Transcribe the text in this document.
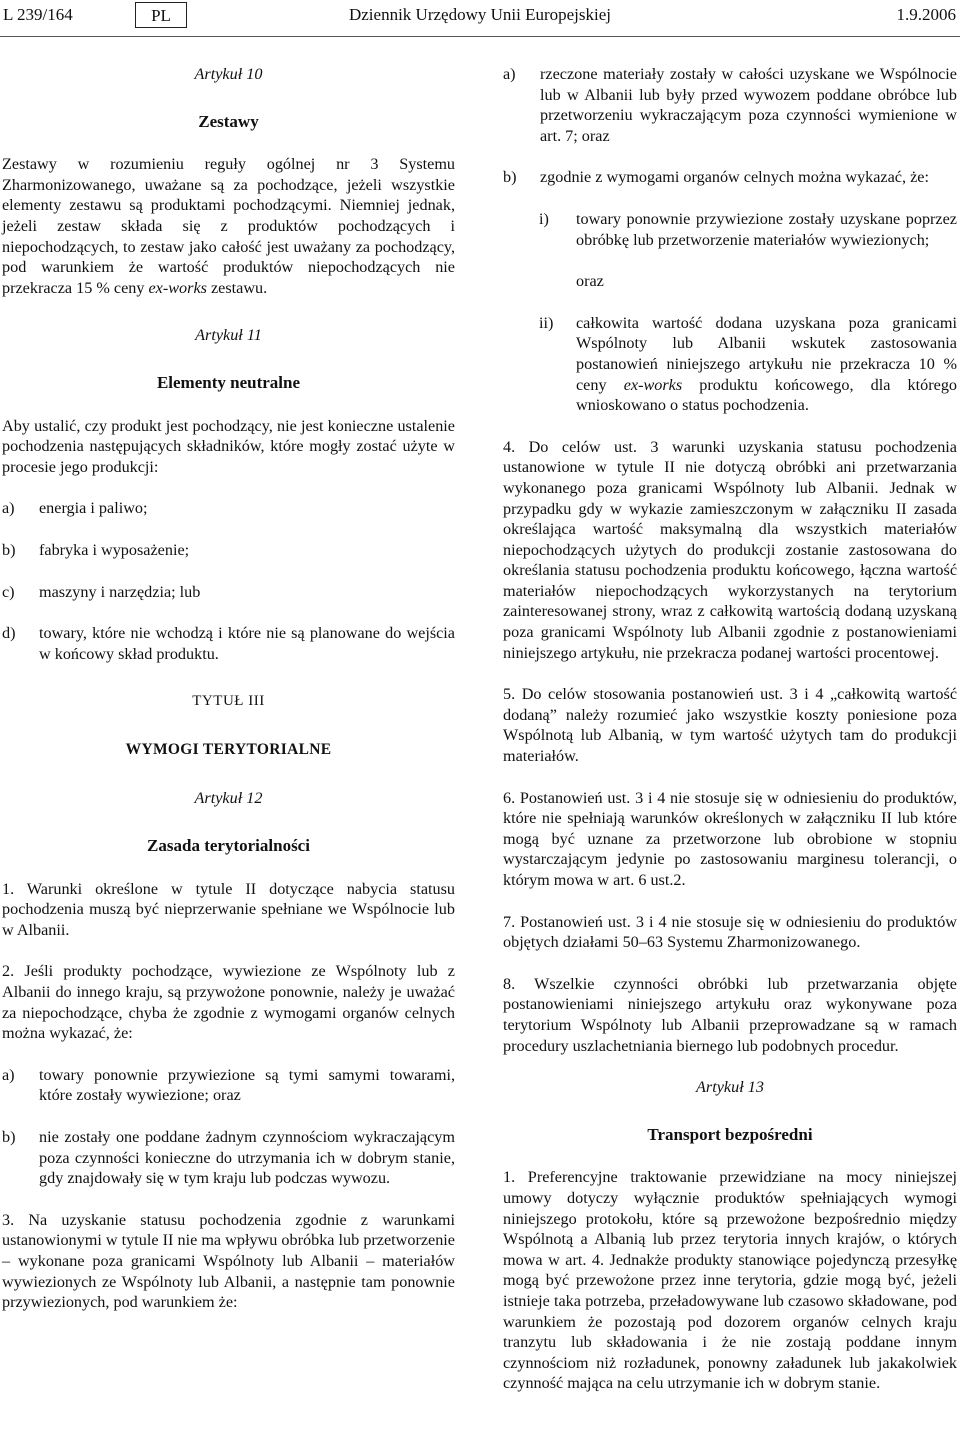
L 239/164	Dziennik Urzędowy Unii Europejskiej
PL	1.9.2006
Artykuł 10
Zestawy
Zestawy w rozumieniu reguły ogólnej nr 3 Systemu Zharmonizowanego, uważane są za pochodzące, jeżeli wszystkie elementy zestawu są produktami pochodzącymi. Niemniej jednak, jeżeli zestaw składa się z produktów pochodzących i niepochodzących, to zestaw jako całość jest uważany za pochodzący, pod warunkiem że wartość produktów niepochodzących nie przekracza 15 % ceny ex-works zestawu.
Artykuł 11
Elementy neutralne
Aby ustalić, czy produkt jest pochodzący, nie jest konieczne ustalenie pochodzenia następujących składników, które mogły zostać użyte w procesie jego produkcji:
a) energia i paliwo;
b) fabryka i wyposażenie;
c) maszyny i narzędzia; lub
d) towary, które nie wchodzą i które nie są planowane do wejścia w końcowy skład produktu.
TYTUŁ III
WYMOGI TERYTORIALNE
Artykuł 12
Zasada terytorialności
1. Warunki określone w tytule II dotyczące nabycia statusu pochodzenia muszą być nieprzerwanie spełniane we Wspólnocie lub w Albanii.
2. Jeśli produkty pochodzące, wywiezione ze Wspólnoty lub z Albanii do innego kraju, są przywożone ponownie, należy je uważać za niepochodzące, chyba że zgodnie z wymogami organów celnych można wykazać, że:
a) towary ponownie przywiezione są tymi samymi towarami, które zostały wywiezione; oraz
b) nie zostały one poddane żadnym czynnościom wykraczającym poza czynności konieczne do utrzymania ich w dobrym stanie, gdy znajdowały się w tym kraju lub podczas wywozu.
3. Na uzyskanie statusu pochodzenia zgodnie z warunkami ustanowionymi w tytule II nie ma wpływu obróbka lub przetworzenie – wykonane poza granicami Wspólnoty lub Albanii – materiałów wywiezionych ze Wspólnoty lub Albanii, a następnie tam ponownie przywiezionych, pod warunkiem że:
a) rzeczone materiały zostały w całości uzyskane we Wspólnocie lub w Albanii lub były przed wywozem poddane obróbce lub przetworzeniu wykraczającym poza czynności wymienione w art. 7; oraz
b) zgodnie z wymogami organów celnych można wykazać, że:
i) towary ponownie przywiezione zostały uzyskane poprzez obróbkę lub przetworzenie materiałów wywiezionych;
oraz
ii) całkowita wartość dodana uzyskana poza granicami Wspólnoty lub Albanii wskutek zastosowania postanowień niniejszego artykułu nie przekracza 10 % ceny ex-works produktu końcowego, dla którego wnioskowano o status pochodzenia.
4. Do celów ust. 3 warunki uzyskania statusu pochodzenia ustanowione w tytule II nie dotyczą obróbki ani przetwarzania wykonanego poza granicami Wspólnoty lub Albanii. Jednak w przypadku gdy w wykazie zamieszczonym w załączniku II zasada określająca wartość maksymalną dla wszystkich materiałów niepochodzących użytych do produkcji zostanie zastosowana do określania statusu pochodzenia produktu końcowego, łączna wartość materiałów niepochodzących wykorzystanych na terytorium zainteresowanej strony, wraz z całkowitą wartością dodaną uzyskaną poza granicami Wspólnoty lub Albanii zgodnie z postanowieniami niniejszego artykułu, nie przekracza podanej wartości procentowej.
5. Do celów stosowania postanowień ust. 3 i 4 „całkowitą wartość dodaną” należy rozumieć jako wszystkie koszty poniesione poza Wspólnotą lub Albanią, w tym wartość użytych tam do produkcji materiałów.
6. Postanowień ust. 3 i 4 nie stosuje się w odniesieniu do produktów, które nie spełniają warunków określonych w załączniku II lub które mogą być uznane za przetworzone lub obrobione w stopniu wystarczającym jedynie po zastosowaniu marginesu tolerancji, o którym mowa w art. 6 ust.2.
7. Postanowień ust. 3 i 4 nie stosuje się w odniesieniu do produktów objętych działami 50–63 Systemu Zharmonizowanego.
8. Wszelkie czynności obróbki lub przetwarzania objęte postanowieniami niniejszego artykułu oraz wykonywane poza terytorium Wspólnoty lub Albanii przeprowadzane są w ramach procedury uszlachetniania biernego lub podobnych procedur.
Artykuł 13
Transport bezpośredni
1. Preferencyjne traktowanie przewidziane na mocy niniejszej umowy dotyczy wyłącznie produktów spełniających wymogi niniejszego protokołu, które są przewożone bezpośrednio między Wspólnotą a Albanią lub przez terytoria innych krajów, o których mowa w art. 4. Jednakże produkty stanowiące pojedynczą przesyłkę mogą być przewożone przez inne terytoria, gdzie mogą być, jeżeli istnieje taka potrzeba, przeładowywane lub czasowo składowane, pod warunkiem że pozostają pod dozorem organów celnych kraju tranzytu lub składowania i że nie zostają poddane innym czynnościom niż rozładunek, ponowny załadunek lub jakakolwiek czynność mająca na celu utrzymanie ich w dobrym stanie.
